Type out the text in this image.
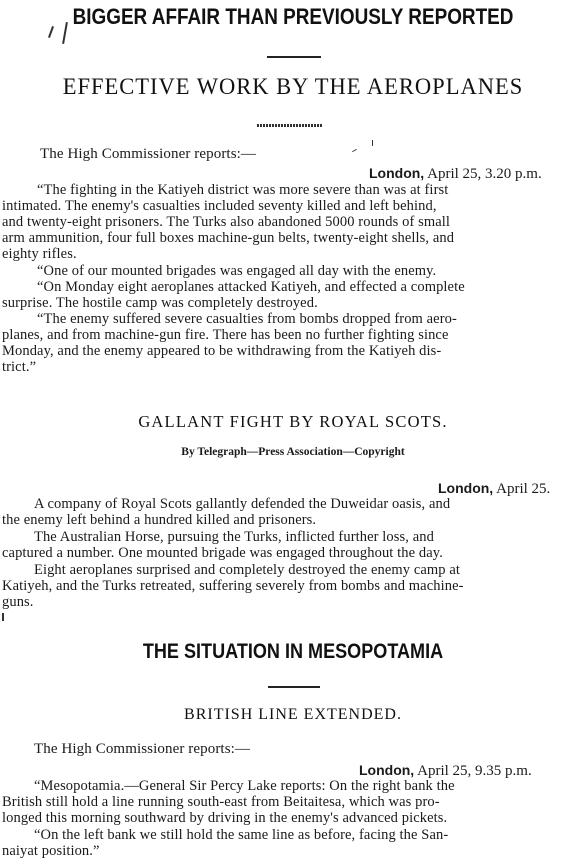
BIGGER AFFAIR THAN PREVIOUSLY REPORTED
EFFECTIVE WORK BY THE AEROPLANES
The High Commissioner reports:—
London, April 25, 3.20 p.m.
“The fighting in the Katiyeh district was more severe than was at first
intimated. The enemy's casualties included seventy killed and left behind,
and twenty-eight prisoners. The Turks also abandoned 5000 rounds of small
arm ammunition, four full boxes machine-gun belts, twenty-eight shells, and
eighty rifles.
“One of our mounted brigades was engaged all day with the enemy.
“On Monday eight aeroplanes attacked Katiyeh, and effected a complete
surprise. The hostile camp was completely destroyed.
“The enemy suffered severe casualties from bombs dropped from aero-
planes, and from machine-gun fire. There has been no further fighting since
Monday, and the enemy appeared to be withdrawing from the Katiyeh dis-
trict.”
GALLANT FIGHT BY ROYAL SCOTS.
By Telegraph—Press Association—Copyright
London, April 25.
A company of Royal Scots gallantly defended the Duweidar oasis, and
the enemy left behind a hundred killed and prisoners.
The Australian Horse, pursuing the Turks, inflicted further loss, and
captured a number. One mounted brigade was engaged throughout the day.
Eight aeroplanes surprised and completely destroyed the enemy camp at
Katiyeh, and the Turks retreated, suffering severely from bombs and machine-
guns.
THE SITUATION IN MESOPOTAMIA
BRITISH LINE EXTENDED.
The High Commissioner reports:—
London, April 25, 9.35 p.m.
“Mesopotamia.—General Sir Percy Lake reports: On the right bank the
British still hold a line running south-east from Beitaitesa, which was pro-
longed this morning southward by driving in the enemy's advanced pickets.
“On the left bank we still hold the same line as before, facing the San-
naiyat position.”
